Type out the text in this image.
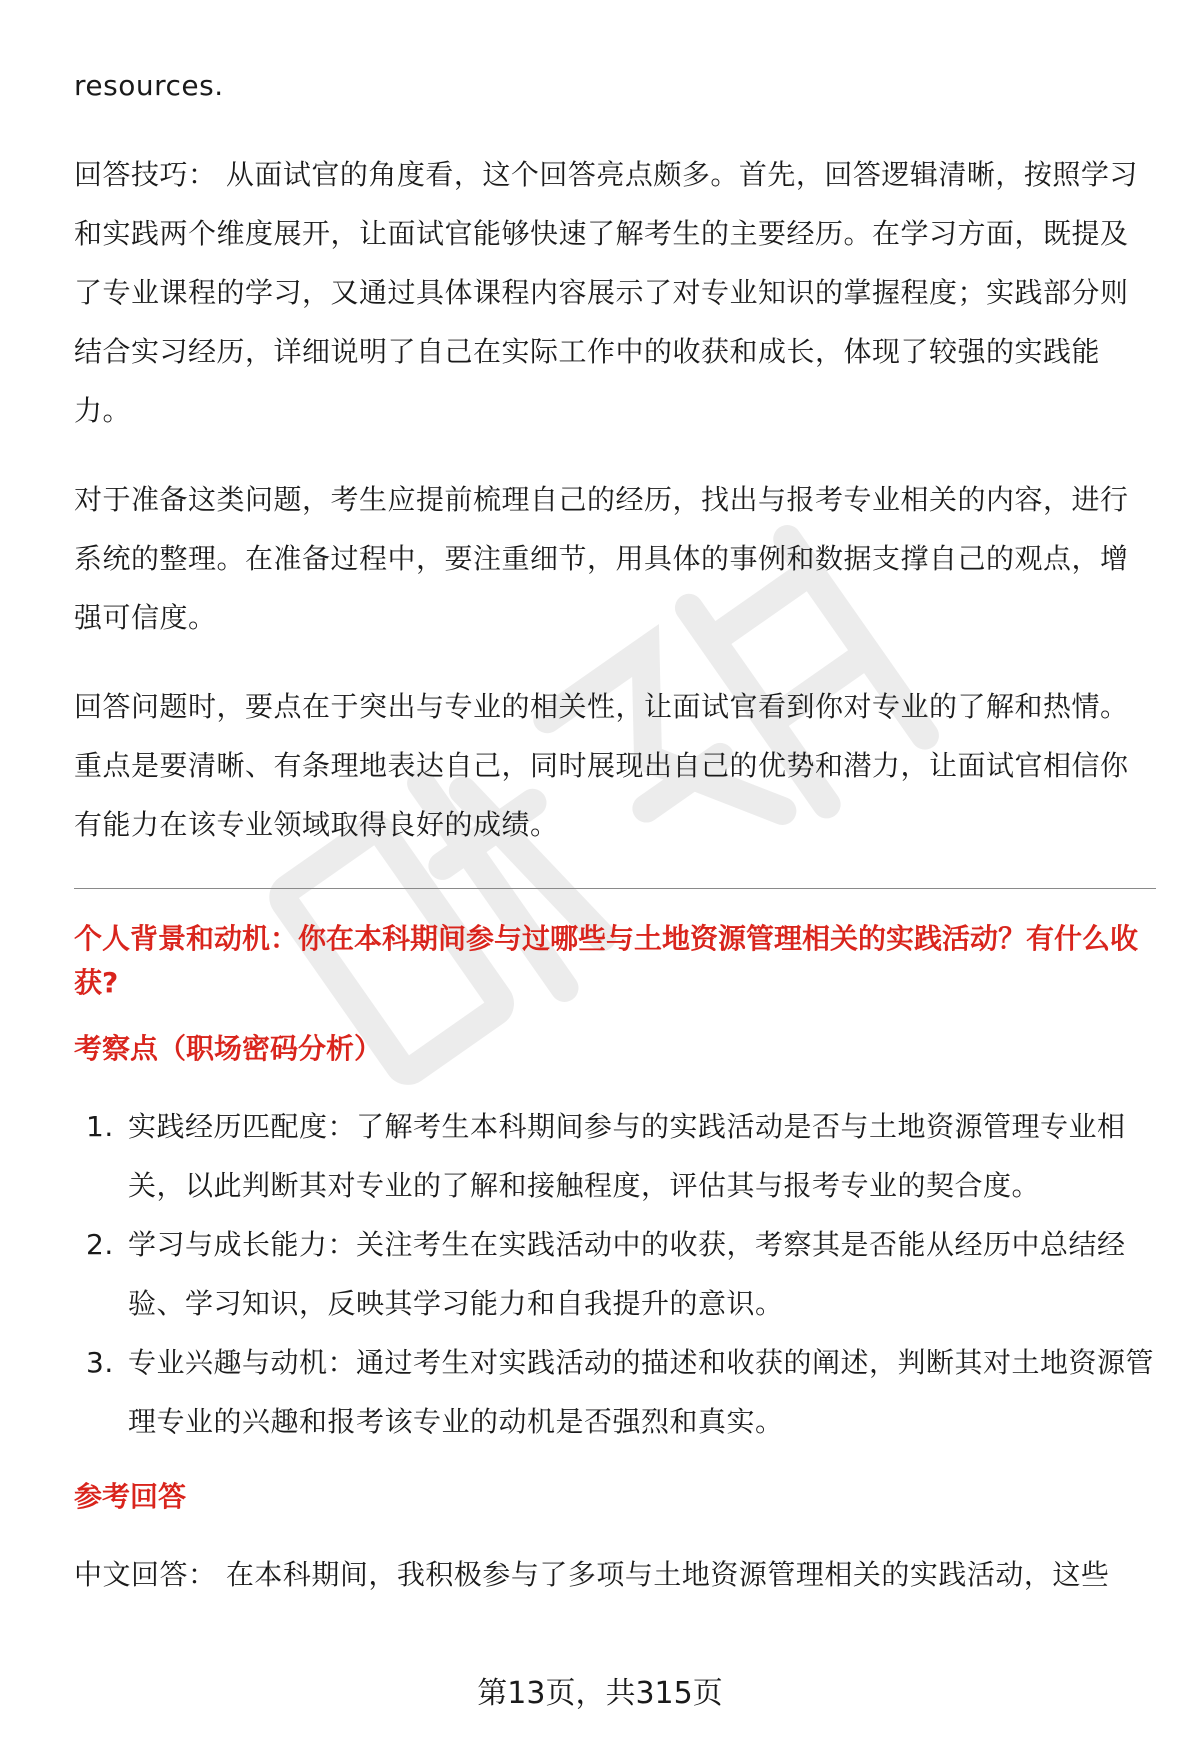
resources.

回答技巧： 从面试官的角度看，这个回答亮点颇多。首先，回答逻辑清晰，按照学习和实践两个维度展开，让面试官能够快速了解考生的主要经历。在学习方面，既提及了专业课程的学习，又通过具体课程内容展示了对专业知识的掌握程度；实践部分则结合实习经历，详细说明了自己在实际工作中的收获和成长，体现了较强的实践能力。

对于准备这类问题，考生应提前梳理自己的经历，找出与报考专业相关的内容，进行系统的整理。在准备过程中，要注重细节，用具体的事例和数据支撑自己的观点，增强可信度。

回答问题时，要点在于突出与专业的相关性，让面试官看到你对专业的了解和热情。重点是要清晰、有条理地表达自己，同时展现出自己的优势和潜力，让面试官相信你有能力在该专业领域取得良好的成绩。

个人背景和动机：你在本科期间参与过哪些与土地资源管理相关的实践活动？有什么收获?
考察点（职场密码分析）
1. 实践经历匹配度：了解考生本科期间参与的实践活动是否与土地资源管理专业相关，以此判断其对专业的了解和接触程度，评估其与报考专业的契合度。
2. 学习与成长能力：关注考生在实践活动中的收获，考察其是否能从经历中总结经验、学习知识，反映其学习能力和自我提升的意识。
3. 专业兴趣与动机：通过考生对实践活动的描述和收获的阐述，判断其对土地资源管理专业的兴趣和报考该专业的动机是否强烈和真实。
参考回答

中文回答： 在本科期间，我积极参与了多项与土地资源管理相关的实践活动，这些

第13页，共315页
